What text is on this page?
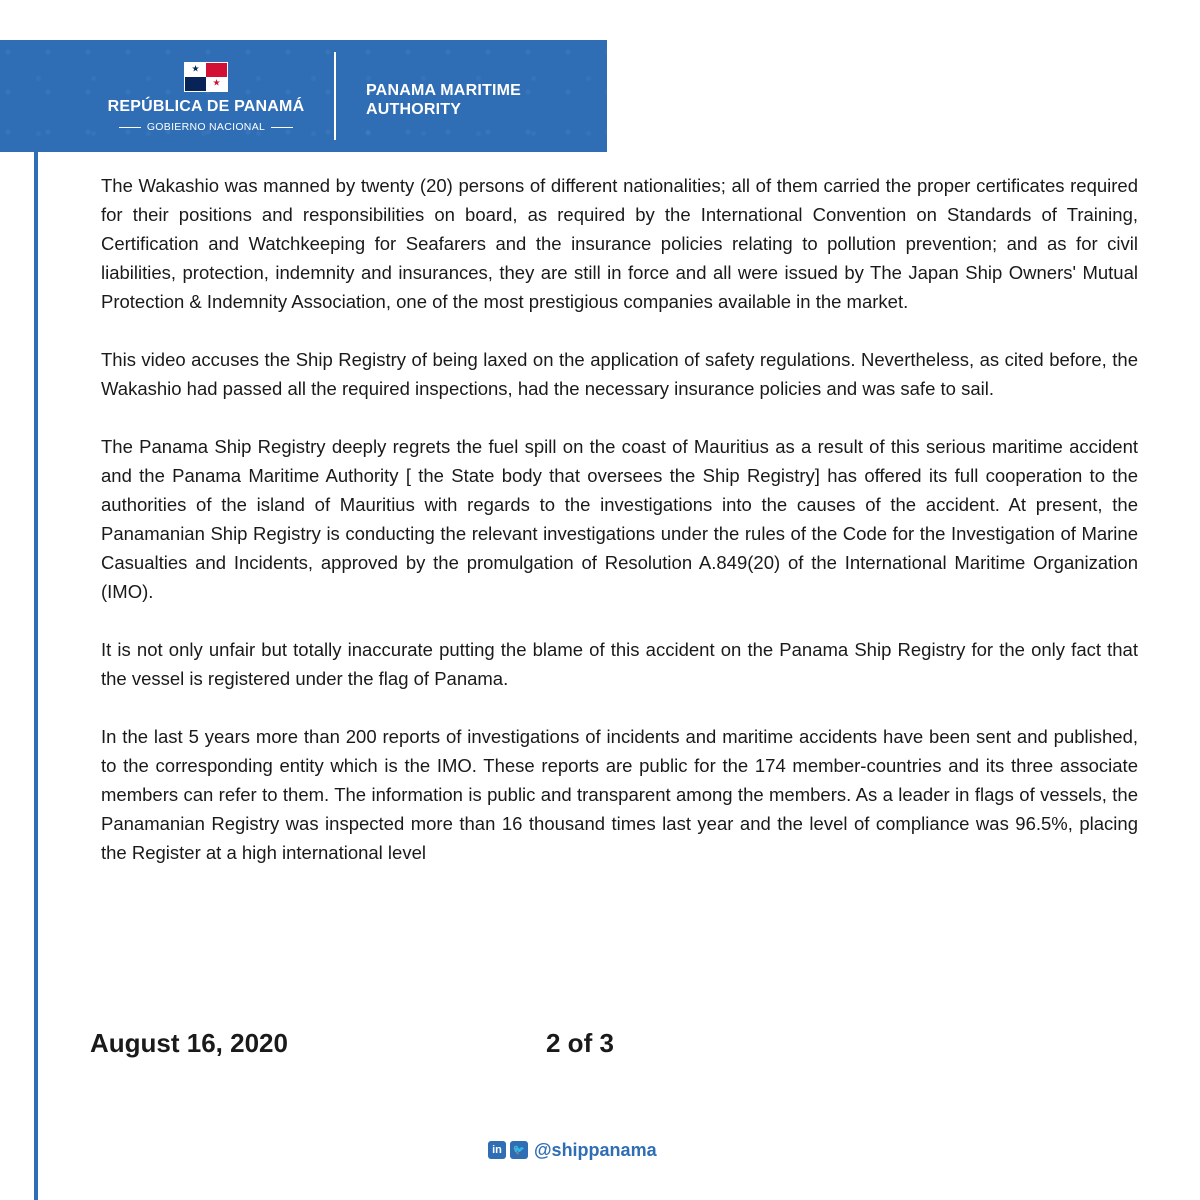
★
★
REPÚBLICA DE PANAMÁ
GOBIERNO NACIONAL
PANAMA MARITIME
AUTHORITY

The Wakashio was manned by twenty (20) persons of different nationalities; all of them carried the proper certificates required for their positions and responsibilities on board, as required by the International Convention on Standards of Training, Certification and Watchkeeping for Seafarers and the insurance policies relating to pollution prevention; and as for civil liabilities, protection, indemnity and insurances, they are still in force and all were issued by The Japan Ship Owners' Mutual Protection & Indemnity Association, one of the most prestigious companies available in the market.

This video accuses the Ship Registry of being laxed on the application of safety regulations. Nevertheless, as cited before, the Wakashio had passed all the required inspections, had the necessary insurance policies and was safe to sail.

The Panama Ship Registry deeply regrets the fuel spill on the coast of Mauritius as a result of this serious maritime accident and the Panama Maritime Authority [ the State body that oversees the Ship Registry] has offered its full cooperation to the authorities of the island of Mauritius with regards to the investigations into the causes of the accident. At present, the Panamanian Ship Registry is conducting the relevant investigations under the rules of the Code for the Investigation of Marine Casualties and Incidents, approved by the promulgation of Resolution A.849(20) of the International Maritime Organization (IMO).

It is not only unfair but totally inaccurate putting the blame of this accident on the Panama Ship Registry for the only fact that the vessel is registered under the flag of Panama.

In the last 5 years more than 200 reports of investigations of incidents and maritime accidents have been sent and published, to the corresponding entity which is the IMO. These reports are public for the 174 member-countries and its three associate members can refer to them. The information is public and transparent among the members. As a leader in flags of vessels, the Panamanian Registry was inspected more than 16 thousand times last year and the level of compliance was 96.5%, placing the Register at a high international level

August 16, 2020	2 of 3
in	🐦 @shippanama
